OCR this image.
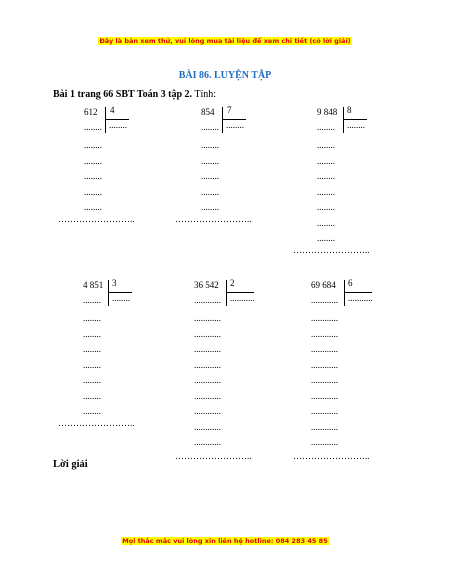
Đây là bản xem thử, vui lòng mua tài liệu để xem chi tiết (có lời giải)
BÀI 86. LUYỆN TẬP
Bài 1 trang 66 SBT Toán 3 tập 2. Tính:
612 4
........ ........
........
........
........
........
........
……………………..
854 7
........ ........
........
........
........
........
........
……………………..
9 848 8
........ ........
........
........
........
........
........
........
........
……………………..
4 851 3
........ ........
........
........
........
........
........
........
........
……………………..
36 542 2
............ ...........
............
............
............
............
............
............
............
............
............
……………………..
69 684 6
............ ...........
............
............
............
............
............
............
............
............
............
……………………..
Lời giải
Mọi thắc mắc vui lòng xin liên hệ hotline: 084 283 45 85
